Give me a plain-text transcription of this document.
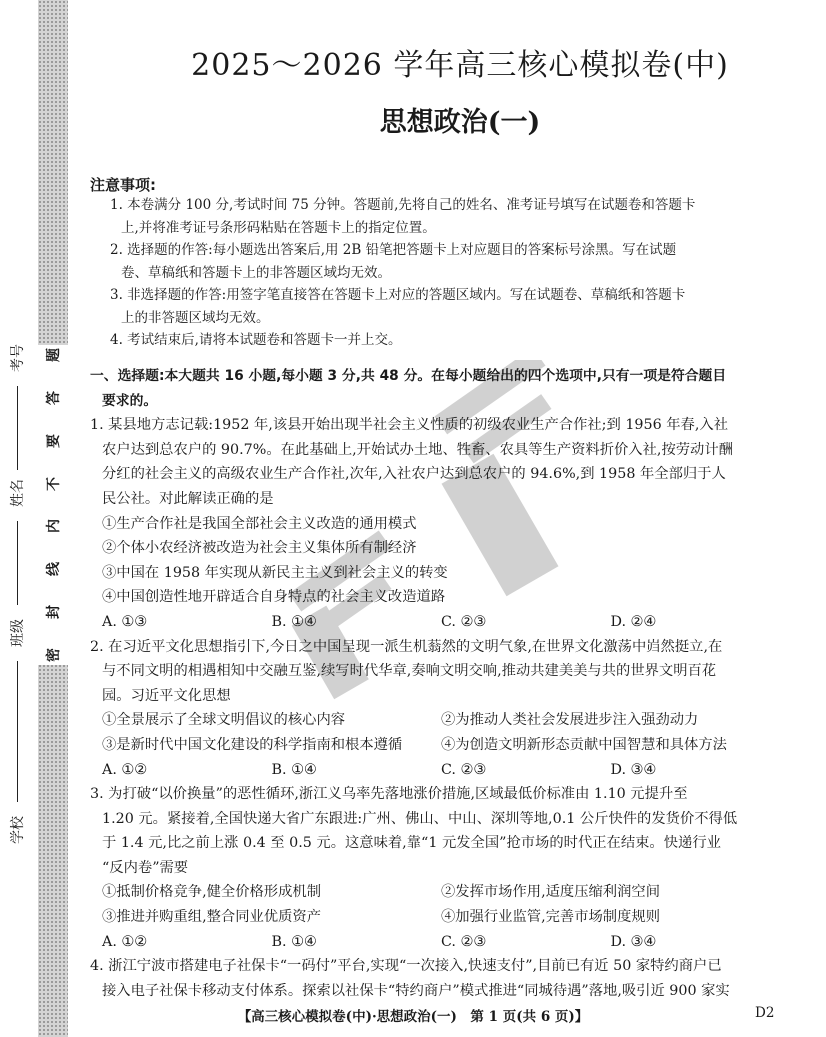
题
答
要
不
内
线
封
密
考号
姓名
班级
学校
2025～2026 学年高三核心模拟卷(中)
思想政治(一)
注意事项:

1. 本卷满分 100 分,考试时间 75 分钟。答题前,先将自己的姓名、准考证号填写在试题卷和答题卡

上,并将准考证号条形码粘贴在答题卡上的指定位置。

2. 选择题的作答:每小题选出答案后,用 2B 铅笔把答题卡上对应题目的答案标号涂黑。写在试题

卷、草稿纸和答题卡上的非答题区域均无效。

3. 非选择题的作答:用签字笔直接答在答题卡上对应的答题区域内。写在试题卷、草稿纸和答题卡

上的非答题区域均无效。

4. 考试结束后,请将本试题卷和答题卡一并上交。

一、选择题:本大题共 16 小题,每小题 3 分,共 48 分。在每小题给出的四个选项中,只有一项是符合题目

要求的。

1. 某县地方志记载:1952 年,该县开始出现半社会主义性质的初级农业生产合作社;到 1956 年春,入社

农户达到总农户的 90.7%。在此基础上,开始试办土地、牲畜、农具等生产资料折价入社,按劳动计酬

分红的社会主义的高级农业生产合作社,次年,入社农户达到总农户的 94.6%,到 1958 年全部归于人

民公社。对此解读正确的是

①生产合作社是我国全部社会主义改造的通用模式

②个体小农经济被改造为社会主义集体所有制经济

③中国在 1958 年实现从新民主主义到社会主义的转变

④中国创造性地开辟适合自身特点的社会主义改造道路

A. ①③	B. ①④	C. ②③	D. ②④

2. 在习近平文化思想指引下,今日之中国呈现一派生机蓊然的文明气象,在世界文化激荡中岿然挺立,在

与不同文明的相遇相知中交融互鉴,续写时代华章,奏响文明交响,推动共建美美与共的世界文明百花

园。习近平文化思想

①全景展示了全球文明倡议的核心内容	②为推动人类社会发展进步注入强劲动力
③是新时代中国文化建设的科学指南和根本遵循	④为创造文明新形态贡献中国智慧和具体方法
A. ①②	B. ①④	C. ②③	D. ③④

3. 为打破“以价换量”的恶性循环,浙江义乌率先落地涨价措施,区域最低价标准由 1.10 元提升至

1.20 元。紧接着,全国快递大省广东跟进:广州、佛山、中山、深圳等地,0.1 公斤快件的发货价不得低

于 1.4 元,比之前上涨 0.4 至 0.5 元。这意味着,靠“1 元发全国”抢市场的时代正在结束。快递行业

“反内卷”需要

①抵制价格竞争,健全价格形成机制	②发挥市场作用,适度压缩利润空间
③推进并购重组,整合同业优质资产	④加强行业监管,完善市场制度规则
A. ①②	B. ①④	C. ②③	D. ③④

4. 浙江宁波市搭建电子社保卡“一码付”平台,实现“一次接入,快速支付”,目前已有近 50 家特约商户已

接入电子社保卡移动支付体系。探索以社保卡“特约商户”模式推进“同城待遇”落地,吸引近 900 家实

【高三核心模拟卷(中)·思想政治(一)　第 1 页(共 6 页)】	D2
